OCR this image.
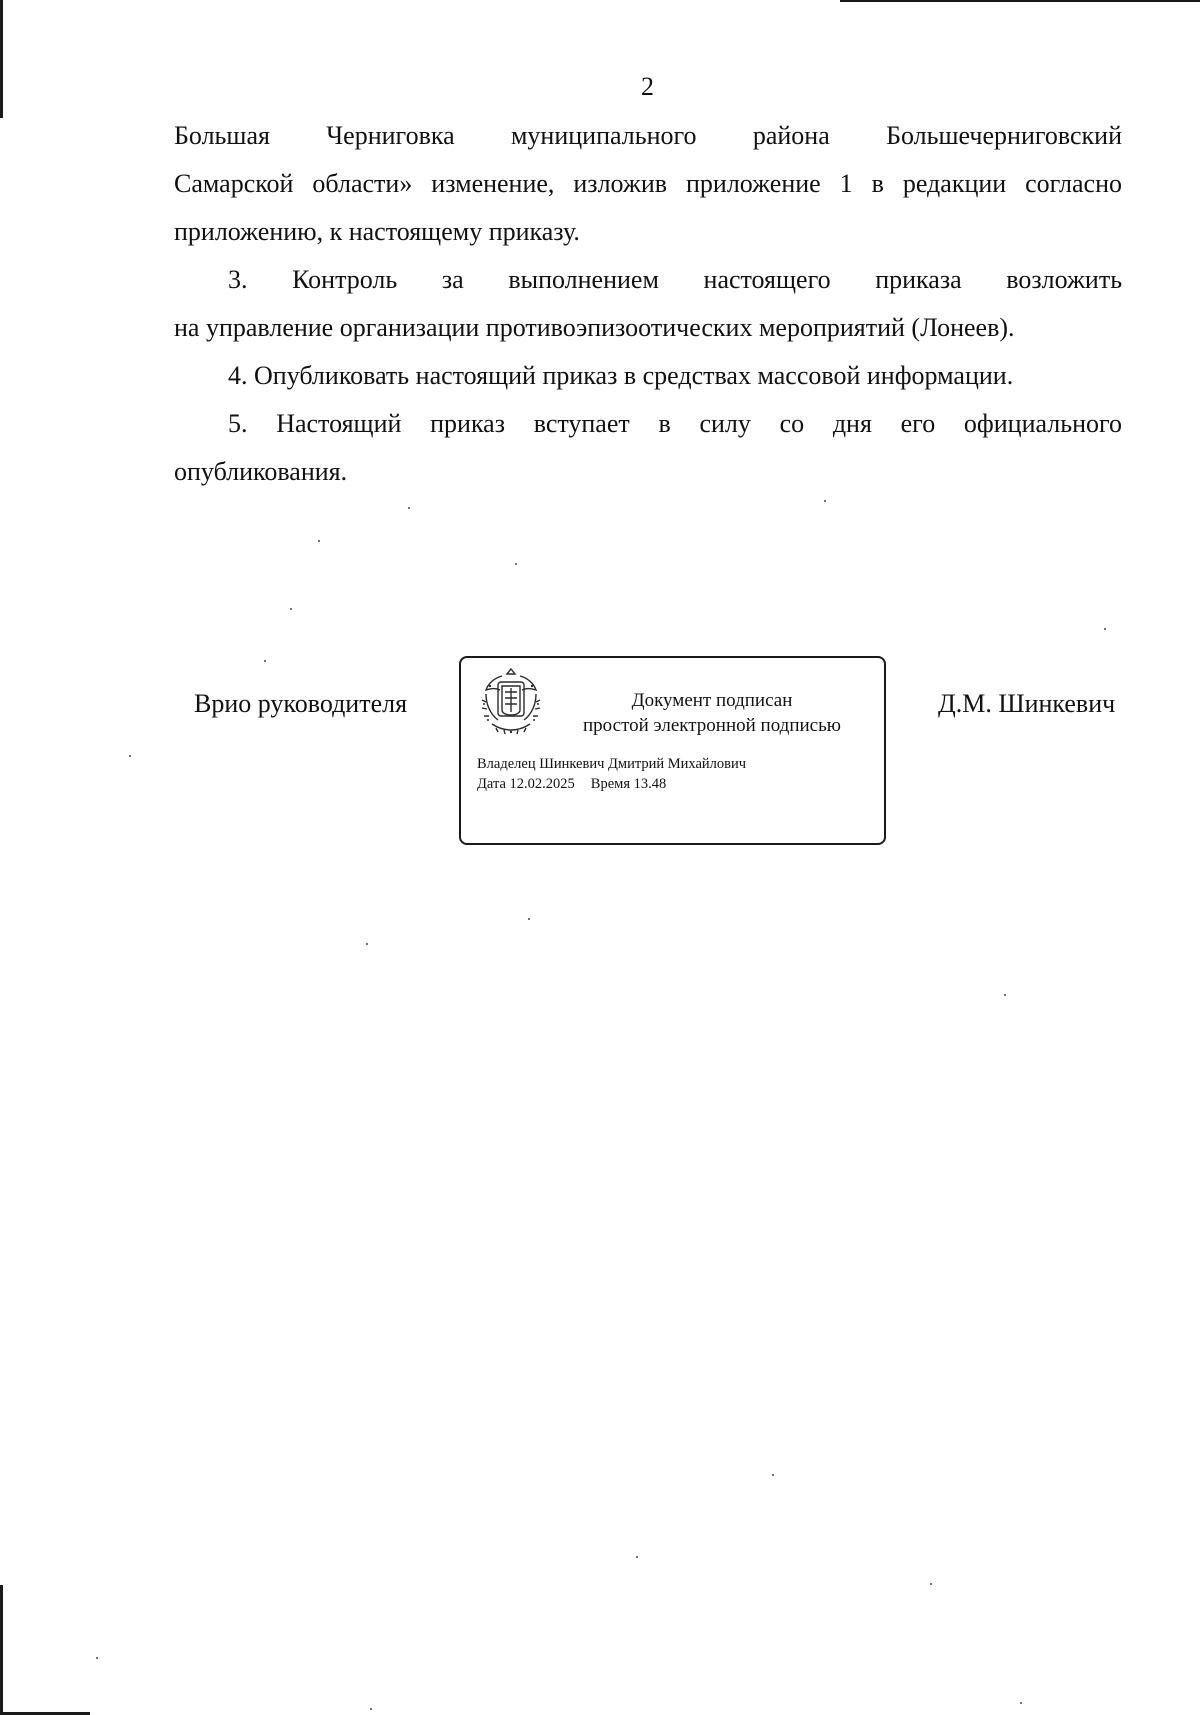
2

Большая Черниговка муниципального района Большечерниговский

Самарской области» изменение, изложив приложение 1 в редакции согласно

приложению, к настоящему приказу.

3. Контроль за выполнением настоящего приказа возложить

на управление организации противоэпизоотических мероприятий (Лонеев).

4. Опубликовать настоящий приказ в средствах массовой информации.

5. Настоящий приказ вступает в силу со дня его официального

опубликования.

Врио руководителя	Документ подписан
простой электронной подписью
Владелец Шинкевич Дмитрий Михайлович
Дата 12.02.2025 Время 13.48
Д.М. Шинкевич
